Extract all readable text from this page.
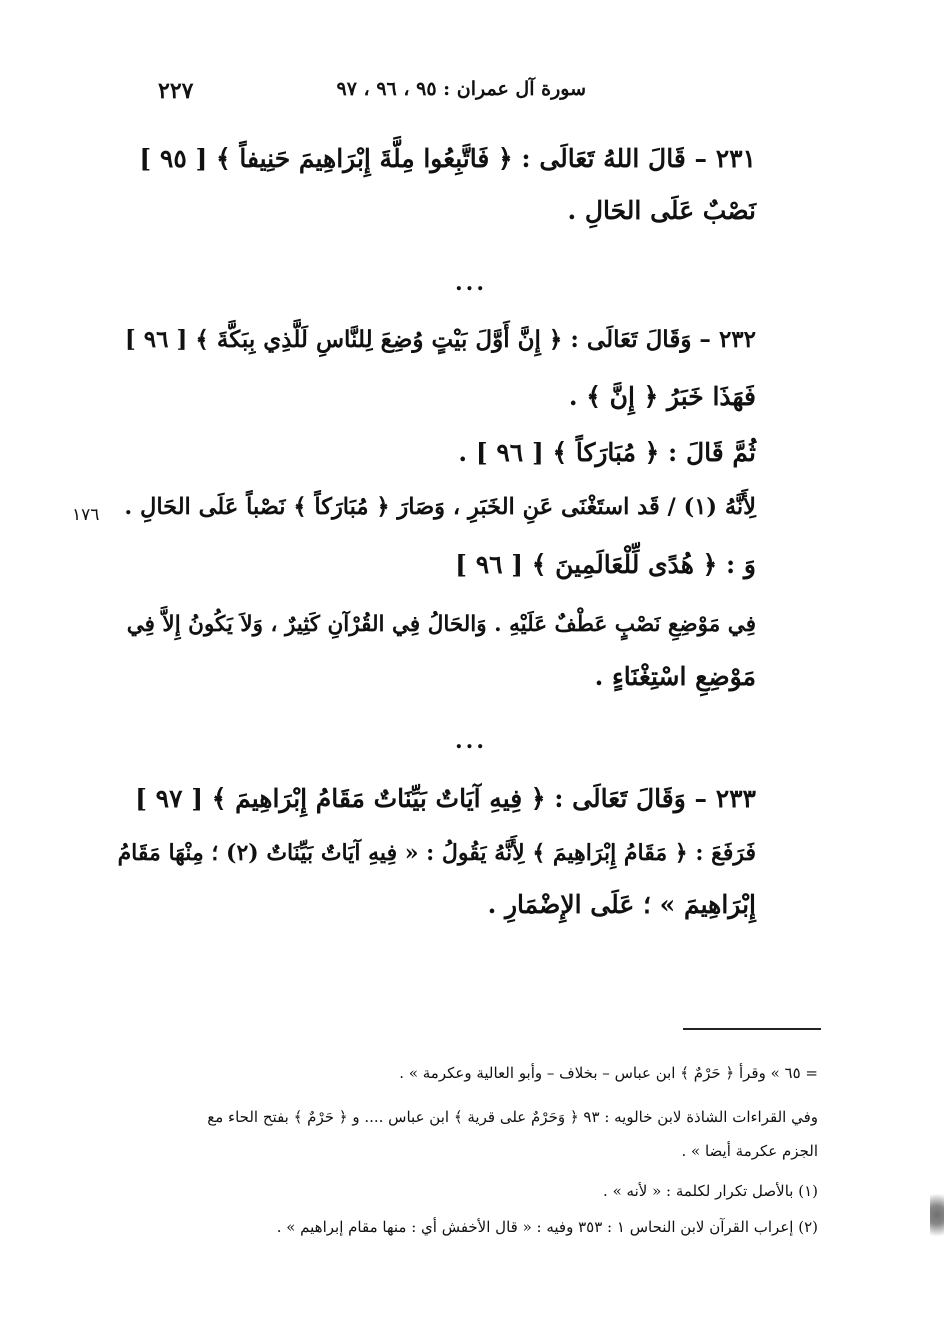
٢٢٧	سورة آل عمران : ٩٥ ، ٩٦ ، ٩٧
٢٣١ – قَالَ اللهُ تَعَالَى : ﴿ فَاتَّبِعُوا مِلَّةَ إِبْرَاهِيمَ حَنِيفاً ﴾ [ ٩٥ ]
نَصْبٌ عَلَى الحَالِ .
...
٢٣٢ – وَقَالَ تَعَالَى : ﴿ إِنَّ أَوَّلَ بَيْتٍ وُضِعَ لِلنَّاسِ لَلَّذِي بِبَكَّةَ ﴾ [ ٩٦ ]
فَهَذَا خَبَرُ ﴿ إِنَّ ﴾ .
ثُمَّ قَالَ : ﴿ مُبَارَكاً ﴾ [ ٩٦ ] .
لِأَنَّهُ (١) / قَد استَغْنَى عَنِ الخَبَرِ ، وَصَارَ ﴿ مُبَارَكاً ﴾ نَصْباً عَلَى الحَالِ .
وَ : ﴿ هُدًى لِّلْعَالَمِينَ ﴾ [ ٩٦ ]
فِي مَوْضِعِ نَصْبٍ عَطْفٌ عَلَيْهِ . وَالحَالُ فِي القُرْآنِ كَثِيرٌ ، وَلاَ يَكُونُ إِلاَّ فِي
مَوْضِعِ اسْتِغْنَاءٍ .
١٧٦
...
٢٣٣ – وَقَالَ تَعَالَى : ﴿ فِيهِ آيَاتٌ بَيِّنَاتٌ مَقَامُ إِبْرَاهِيمَ ﴾ [ ٩٧ ]
فَرَفَعَ : ﴿ مَقَامُ إِبْرَاهِيمَ ﴾ لِأَنَّهُ يَقُولُ : « فِيهِ آيَاتٌ بَيِّنَاتٌ (٢) ؛ مِنْهَا مَقَامُ
إِبْرَاهِيمَ » ؛ عَلَى الإِضْمَارِ .
= ٦٥ » وقرأ ﴿ حَرْمٌ ﴾ ابن عباس – بخلاف – وأبو العالية وعكرمة » .
وفي القراءات الشاذة لابن خالويه : ٩٣ ﴿ وَحَرْمٌ على قرية ﴾ ابن عباس .... و ﴿ حَرْمٌ ﴾ بفتح الحاء مع
الجزم عكرمة أيضا » .
(١) بالأصل تكرار لكلمة : « لأنه » .
(٢) إعراب القرآن لابن النحاس ١ : ٣٥٣ وفيه : « قال الأخفش أي : منها مقام إبراهيم » .
